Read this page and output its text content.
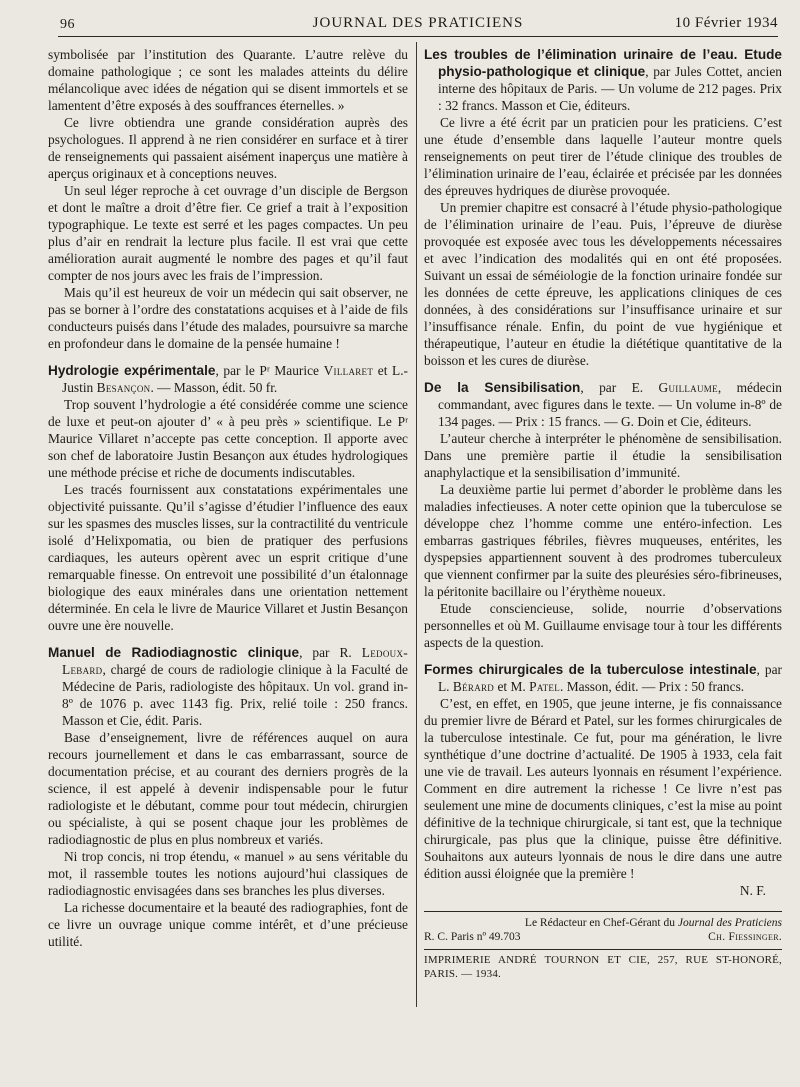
96	JOURNAL DES PRATICIENS	10 Février 1934

symbolisée par l’institution des Quarante. L’autre relève du domaine pathologique ; ce sont les malades atteints du délire mélancolique avec idées de négation qui se disent immortels et se lamentent d’être exposés à des souffrances éternelles. »

Ce livre obtiendra une grande considération auprès des psychologues. Il apprend à ne rien considérer en surface et à tirer de renseignements qui passaient aisément inaperçus une matière à aperçus originaux et à conceptions neuves.

Un seul léger reproche à cet ouvrage d’un disciple de Bergson et dont le maître a droit d’être fier. Ce grief a trait à l’exposition typographique. Le texte est serré et les pages compactes. Un peu plus d’air en rendrait la lecture plus facile. Il est vrai que cette amélioration aurait augmenté le nombre des pages et qu’il faut compter de nos jours avec les frais de l’impression.

Mais qu’il est heureux de voir un médecin qui sait observer, ne pas se borner à l’ordre des constatations acquises et à l’aide de fils conducteurs puisés dans l’étude des malades, poursuivre sa marche en profondeur dans le domaine de la pensée humaine !

Hydrologie expérimentale, par le Pʳ Maurice Villaret et L.-Justin Besançon. — Masson, édit. 50 fr.

Trop souvent l’hydrologie a été considérée comme une science de luxe et peut-on ajouter d’ « à peu près » scientifique. Le Pʳ Maurice Villaret n’accepte pas cette conception. Il apporte avec son chef de laboratoire Justin Besançon aux études hydrologiques une méthode précise et riche de documents indiscutables.

Les tracés fournissent aux constatations expérimentales une objectivité puissante. Qu’il s’agisse d’étudier l’influence des eaux sur les spasmes des muscles lisses, sur la contractilité du ventricule isolé d’Helixpomatia, ou bien de pratiquer des perfusions cardiaques, les auteurs opèrent avec un esprit critique d’une remarquable finesse. On entrevoit une possibilité d’un étalonnage biologique des eaux minérales dans une orientation nettement déterminée. En cela le livre de Maurice Villaret et Justin Besançon ouvre une ère nouvelle.

Manuel de Radiodiagnostic clinique, par R. Ledoux-Lebard, chargé de cours de radiologie clinique à la Faculté de Médecine de Paris, radiologiste des hôpitaux. Un vol. grand in-8º de 1076 p. avec 1143 fig. Prix, relié toile : 250 francs. Masson et Cie, édit. Paris.

Base d’enseignement, livre de références auquel on aura recours journellement et dans le cas embarrassant, source de documentation précise, et au courant des derniers progrès de la science, il est appelé à devenir indispensable pour le futur radiologiste et le débutant, comme pour tout médecin, chirurgien ou spécialiste, à qui se posent chaque jour les problèmes de radiodiagnostic de plus en plus nombreux et variés.

Ni trop concis, ni trop étendu, « manuel » au sens véritable du mot, il rassemble toutes les notions aujourd’hui classiques de radiodiagnostic envisagées dans ses branches les plus diverses.

La richesse documentaire et la beauté des radiographies, font de ce livre un ouvrage unique comme intérêt, et d’une précieuse utilité.

Les troubles de l’élimination urinaire de l’eau. Etude physio-pathologique et clinique, par Jules Cottet, ancien interne des hôpitaux de Paris. — Un volume de 212 pages. Prix : 32 francs. Masson et Cie, éditeurs.

Ce livre a été écrit par un praticien pour les praticiens. C’est une étude d’ensemble dans laquelle l’auteur montre quels renseignements on peut tirer de l’étude clinique des troubles de l’élimination urinaire de l’eau, éclairée et précisée par les données des épreuves hydriques de diurèse provoquée.

Un premier chapitre est consacré à l’étude physio-pathologique de l’élimination urinaire de l’eau. Puis, l’épreuve de diurèse provoquée est exposée avec tous les développements nécessaires et avec l’indication des modalités qui en ont été proposées. Suivant un essai de séméiologie de la fonction urinaire fondée sur les données de cette épreuve, les applications cliniques de ces données, à des considérations sur l’insuffisance urinaire et sur l’insuffisance rénale. Enfin, du point de vue hygiénique et thérapeutique, l’auteur en étudie la diététique quantitative de la boisson et les cures de diurèse.

De la Sensibilisation, par E. Guillaume, médecin commandant, avec figures dans le texte. — Un volume in-8º de 134 pages. — Prix : 15 francs. — G. Doin et Cie, éditeurs.

L’auteur cherche à interpréter le phénomène de sensibilisation. Dans une première partie il étudie la sensibilisation anaphylactique et la sensibilisation d’immunité.

La deuxième partie lui permet d’aborder le problème dans les maladies infectieuses. A noter cette opinion que la tuberculose se développe chez l’homme comme une entéro-infection. Les embarras gastriques fébriles, fièvres muqueuses, entérites, les dyspepsies appartiennent souvent à des prodromes tuberculeux que viennent confirmer par la suite des pleurésies séro-fibrineuses, la péritonite bacillaire ou l’érythème noueux.

Etude consciencieuse, solide, nourrie d’observations personnelles et où M. Guillaume envisage tour à tour les différents aspects de la question.

Formes chirurgicales de la tuberculose intestinale, par L. Bérard et M. Patel. Masson, édit. — Prix : 50 francs.

C’est, en effet, en 1905, que jeune interne, je fis connaissance du premier livre de Bérard et Patel, sur les formes chirurgicales de la tuberculose intestinale. Ce fut, pour ma génération, le livre synthétique d’une doctrine d’actualité. De 1905 à 1933, cela fait une vie de travail. Les auteurs lyonnais en résument l’expérience. Comment en dire autrement la richesse ! Ce livre n’est pas seulement une mine de documents cliniques, c’est la mise au point définitive de la technique chirurgicale, si tant est, que la technique chirurgicale, pas plus que la clinique, puisse être définitive. Souhaitons aux auteurs lyonnais de nous le dire dans une autre édition aussi éloignée que la première !

N. F.
Le Rédacteur en Chef-Gérant du Journal des Praticiens
R. C. Paris nº 49.703	Ch. Fiessinger.
IMPRIMERIE ANDRÉ TOURNON ET CIE, 257, RUE ST-HONORÉ, PARIS. — 1934.
